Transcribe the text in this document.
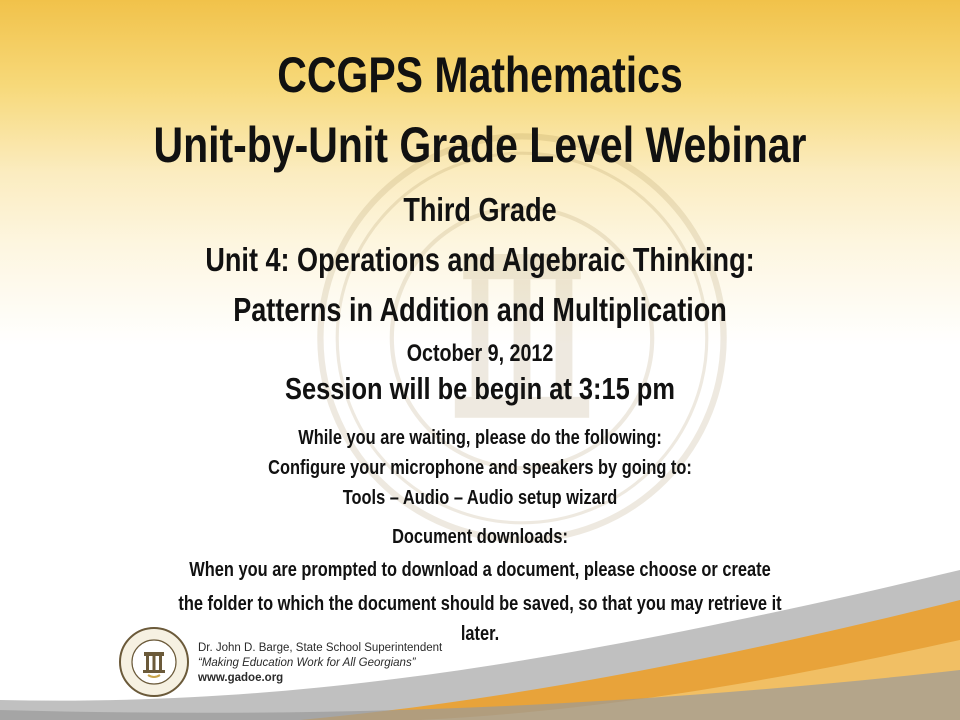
CCGPS Mathematics
Unit-by-Unit Grade Level Webinar
Third Grade
Unit 4: Operations and Algebraic Thinking:
Patterns in Addition and Multiplication
October 9, 2012
Session will be begin at 3:15 pm
While you are waiting, please do the following:
Configure your microphone and speakers by going to:
Tools – Audio – Audio setup wizard
Document downloads:
When you are prompted to download a document, please choose or create
the folder to which the document should be saved, so that you may retrieve it
later.
Dr. John D. Barge, State School Superintendent
“Making Education Work for All Georgians”
www.gadoe.org
